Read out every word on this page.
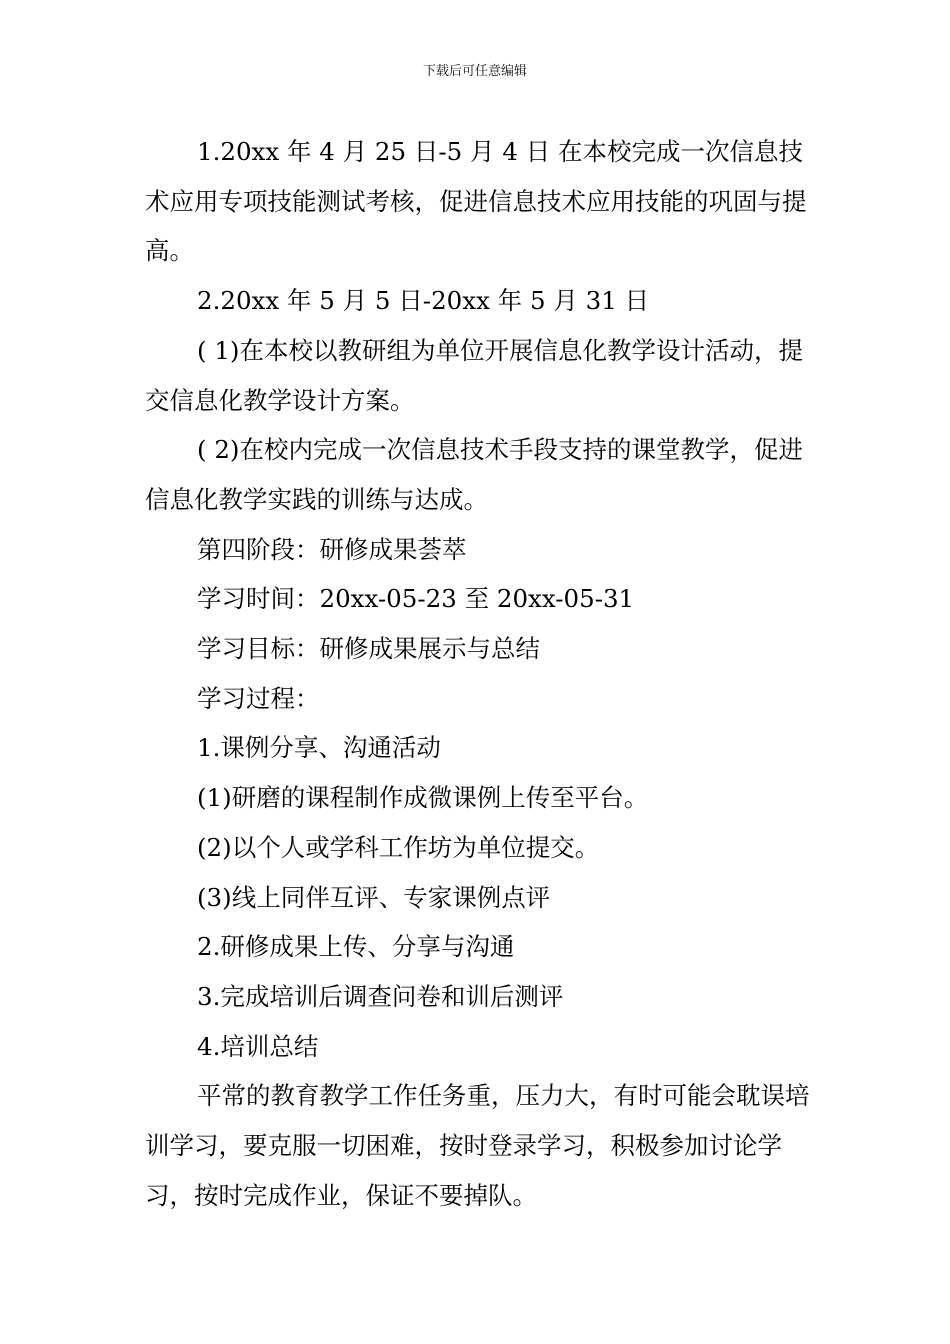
下载后可任意编辑

1.20xx 年 4 月 25 日-5 月 4 日 在本校完成一次信息技术应用专项技能测试考核，促进信息技术应用技能的巩固与提高。

2.20xx 年 5 月 5 日-20xx 年 5 月 31 日

( 1)在本校以教研组为单位开展信息化教学设计活动，提交信息化教学设计方案。

( 2)在校内完成一次信息技术手段支持的课堂教学，促进信息化教学实践的训练与达成。

第四阶段：研修成果荟萃

学习时间：20xx-05-23 至 20xx-05-31

学习目标：研修成果展示与总结

学习过程：

1.课例分享、沟通活动

(1)研磨的课程制作成微课例上传至平台。

(2)以个人或学科工作坊为单位提交。

(3)线上同伴互评、专家课例点评

2.研修成果上传、分享与沟通

3.完成培训后调查问卷和训后测评

4.培训总结

平常的教育教学工作任务重，压力大，有时可能会耽误培训学习，要克服一切困难，按时登录学习，积极参加讨论学习，按时完成作业，保证不要掉队。
